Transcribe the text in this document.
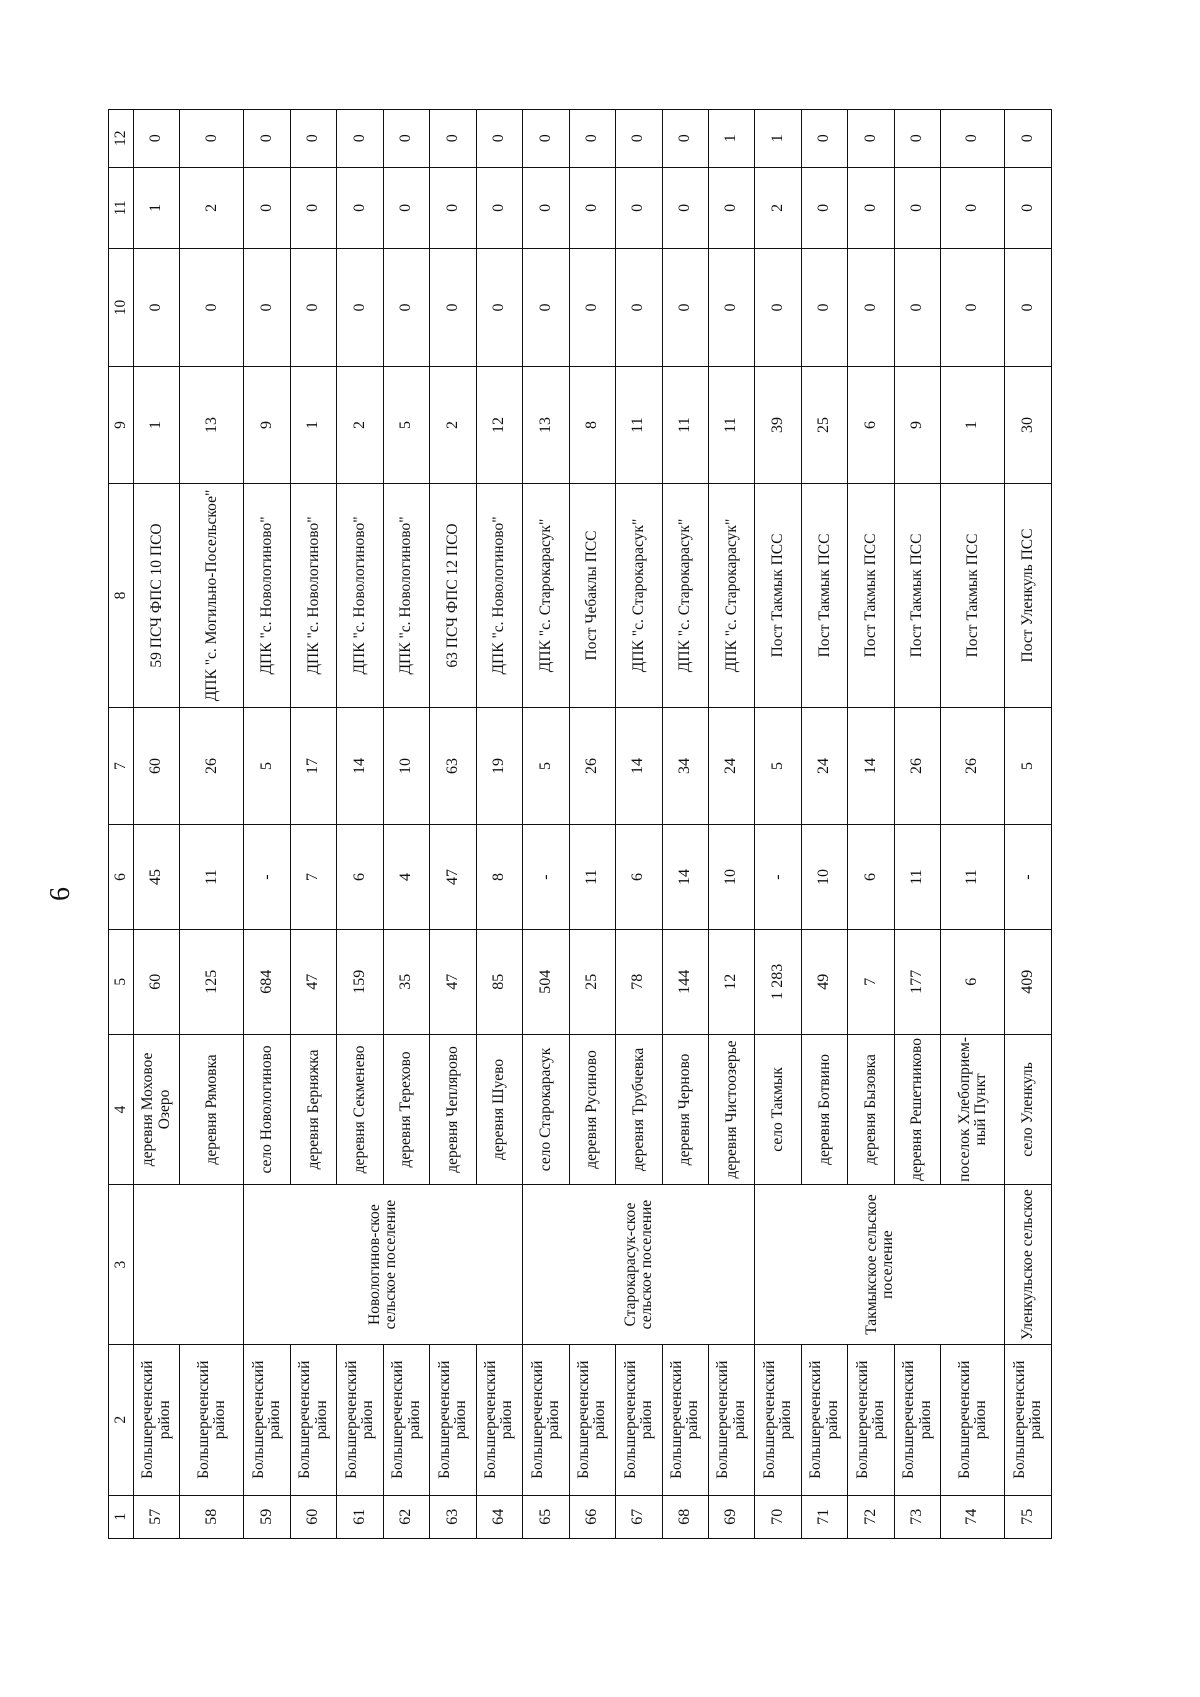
6
1	2	3	4	5	6	7	8	9	10	11	12
57	Большереченский район		деревня Моховое Озеро	60	45	60	59 ПСЧ ФПС 10 ПСО	1	0	1	0
58	Большереченский район		деревня Рямовка	125	11	26	ДПК "с. Могильно-Посельское"	13	0	2	0
59	Большереченский район	Новологинов-ское сельское поселение	село Новологиново	684	-	5	ДПК "с. Новологиново"	9	0	0	0
60	Большереченский район		деревня Берняжка	47	7	17	ДПК "с. Новологиново"	1	0	0	0
61	Большереченский район		деревня Секменево	159	6	14	ДПК "с. Новологиново"	2	0	0	0
62	Большереченский район		деревня Терехово	35	4	10	ДПК "с. Новологиново"	5	0	0	0
63	Большереченский район		деревня Чеплярово	47	47	63	63 ПСЧ ФПС 12 ПСО	2	0	0	0
64	Большереченский район		деревня Шуево	85	8	19	ДПК "с. Новологиново"	12	0	0	0
65	Большереченский район	Старокарасук-ское сельское поселение	село Старокарасук	504	-	5	ДПК "с. Старокарасук"	13	0	0	0
66	Большереченский район		деревня Русиново	25	11	26	Пост Чебаклы ПСС	8	0	0	0
67	Большереченский район		деревня Трубчевка	78	6	14	ДПК "с. Старокарасук"	11	0	0	0
68	Большереченский район		деревня Черново	144	14	34	ДПК "с. Старокарасук"	11	0	0	0
69	Большереченский район		деревня Чистоозерье	12	10	24	ДПК "с. Старокарасук"	11	0	0	1
70	Большереченский район	Такмыкское сельское поселение	село Такмык	1 283	-	5	Пост Такмык ПСС	39	0	2	1
71	Большереченский район		деревня Ботвино	49	10	24	Пост Такмык ПСС	25	0	0	0
72	Большереченский район		деревня Бызовка	7	6	14	Пост Такмык ПСС	6	0	0	0
73	Большереченский район		деревня Решетниково	177	11	26	Пост Такмык ПСС	9	0	0	0
74	Большереченский район		поселок Хлебоприем-ный Пункт	6	11	26	Пост Такмык ПСС	1	0	0	0
75	Большереченский район	Уленкульское сельское	село Уленкуль	409	-	5	Пост Уленкуль ПСС	30	0	0	0
